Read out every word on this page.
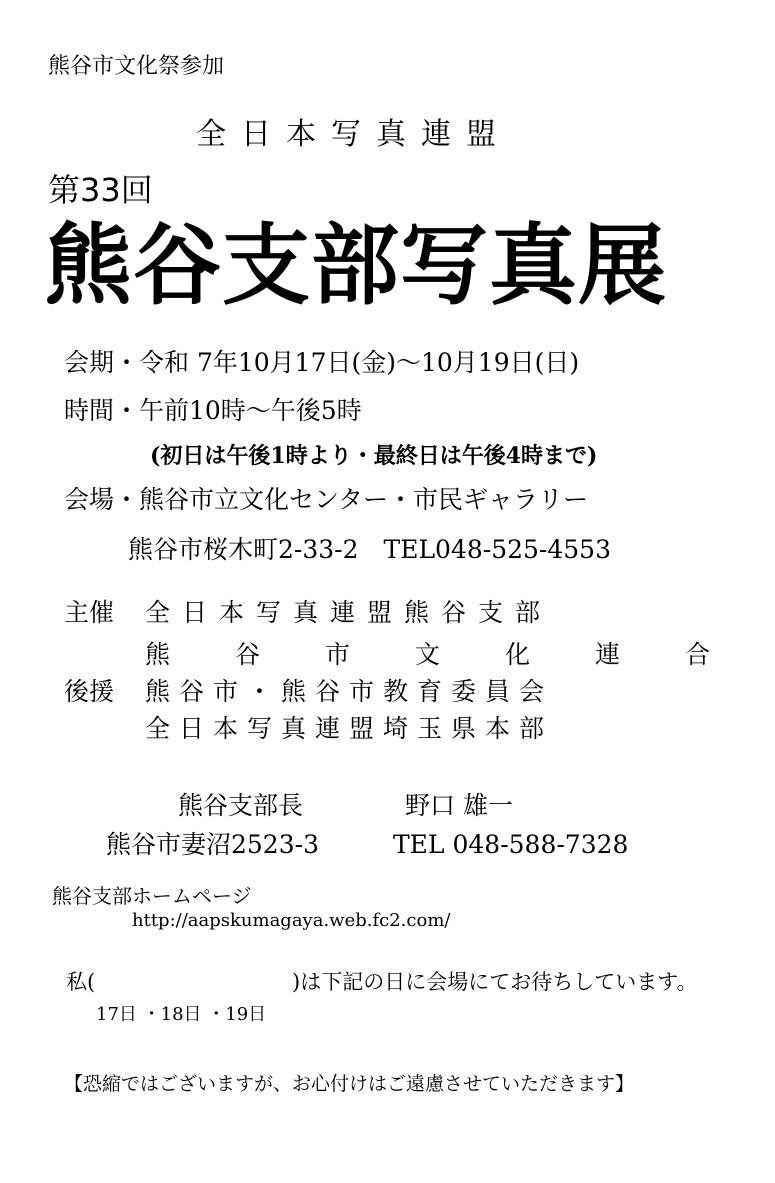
熊谷市文化祭参加
全日本写真連盟
第33回
熊谷支部写真展
会期・令和 7年10月17日(金)～10月19日(日)
時間・午前10時～午後5時
(初日は午後1時より・最終日は午後4時まで)
会場・熊谷市立文化センター・市民ギャラリー
熊谷市桜木町2-33-2　TEL048-525-4553
主催 全日本写真連盟熊谷支部
熊谷市文化連合
後援 熊谷市・熊谷市教育委員会
全日本写真連盟埼玉県本部
熊谷支部長	野口 雄一
熊谷市妻沼2523-3	TEL 048-588-7328
熊谷支部ホームページ
http://aapskumagaya.web.fc2.com/
私(	)は下記の日に会場にてお待ちしています。
17日 ・18日 ・19日
【恐縮ではございますが、お心付けはご遠慮させていただきます】
